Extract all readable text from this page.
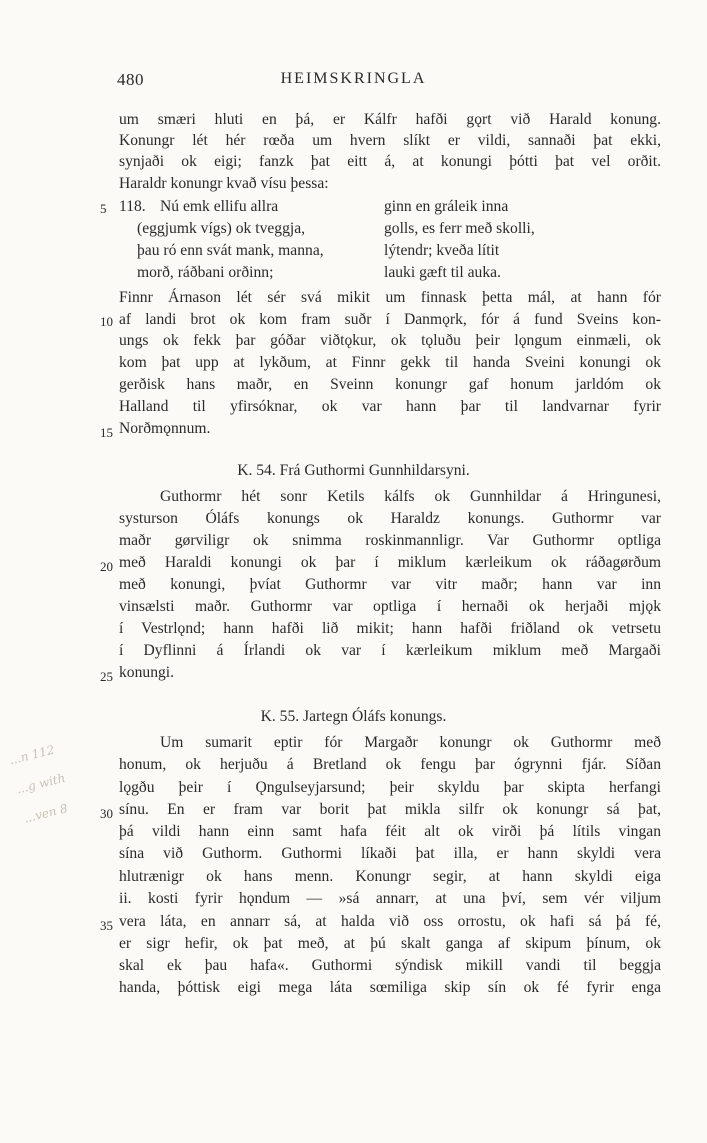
480	HEIMSKRINGLA
um smæri hluti en þá, er Kálfr hafði gǫrt við Harald konung.
Konungr lét hér rœða um hvern slíkt er vildi, sannaði þat ekki,
synjaði ok eigi; fanzk þat eitt á, at konungi þótti þat vel orðit.
Haraldr konungr kvað vísu þessa:
118. Nú emk ellifu allra
(eggjumk vígs) ok tveggja,
þau ró enn svát mank, manna,
morð, ráðbani orðinn;
ginn en gráleik inna
golls, es ferr með skolli,
lýtendr; kveða lítit
lauki gæft til auka.
Finnr Árnason lét sér svá mikit um finnask þetta mál, at hann fór
af landi brot ok kom fram suðr í Danmǫrk, fór á fund Sveins kon-
ungs ok fekk þar góðar viðtǫkur, ok tǫluðu þeir lǫngum einmæli, ok
kom þat upp at lykðum, at Finnr gekk til handa Sveini konungi ok
gerðisk hans maðr, en Sveinn konungr gaf honum jarldóm ok
Halland til yfirsóknar, ok var hann þar til landvarnar fyrir
Norðmǫnnum.
K. 54. Frá Guthormi Gunnhildarsyni.
Guthormr hét sonr Ketils kálfs ok Gunnhildar á Hringunesi,
systurson Óláfs konungs ok Haraldz konungs. Guthormr var
maðr gørviligr ok snimma roskinmannligr. Var Guthormr optliga
með Haraldi konungi ok þar í miklum kærleikum ok ráðagørðum
með konungi, þvíat Guthormr var vitr maðr; hann var inn
vinsælsti maðr. Guthormr var optliga í hernaði ok herjaði mjǫk
í Vestrlǫnd; hann hafði lið mikit; hann hafði friðland ok vetrsetu
í Dyflinni á Írlandi ok var í kærleikum miklum með Margaði
konungi.
K. 55. Jartegn Óláfs konungs.
Um sumarit eptir fór Margaðr konungr ok Guthormr með
honum, ok herjuðu á Bretland ok fengu þar ógrynni fjár. Síðan
lǫgðu þeir í Ǫngulseyjarsund; þeir skyldu þar skipta herfangi
sínu. En er fram var borit þat mikla silfr ok konungr sá þat,
þá vildi hann einn samt hafa féit alt ok virði þá lítils vingan
sína við Guthorm. Guthormi líkaði þat illa, er hann skyldi vera
hlutrænigr ok hans menn. Konungr segir, at hann skyldi eiga
ii. kosti fyrir hǫndum — »sá annarr, at una því, sem vér viljum
vera láta, en annarr sá, at halda við oss orrostu, ok hafi sá þá fé,
er sigr hefir, ok þat með, at þú skalt ganga af skipum þínum, ok
skal ek þau hafa«. Guthormi sýndisk mikill vandi til beggja
handa, þóttisk eigi mega láta sœmiliga skip sín ok fé fyrir enga
5
10
15
20
25
30
35
...n 112
...g with
...ven 8
